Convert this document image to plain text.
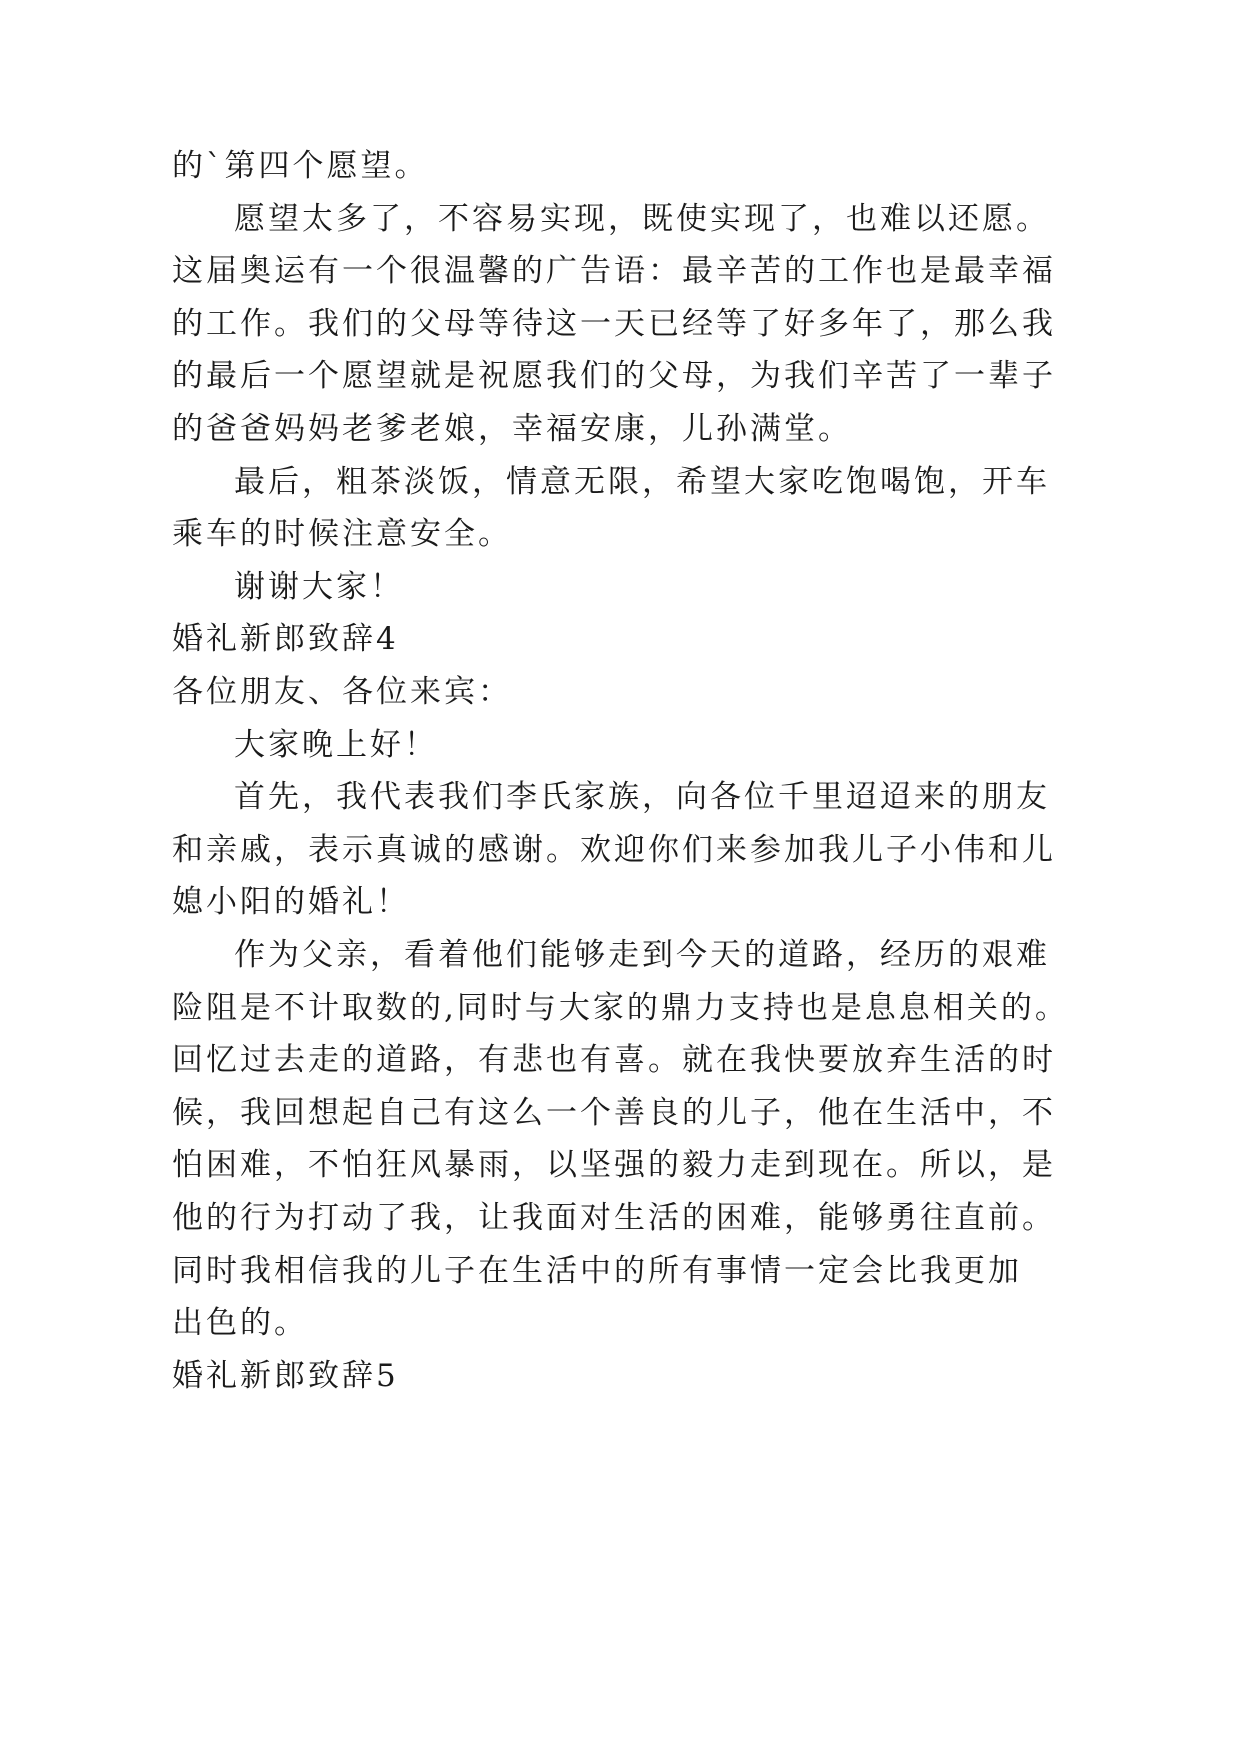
的`第四个愿望。
愿望太多了，不容易实现，既使实现了，也难以还愿。
这届奥运有一个很温馨的广告语：最辛苦的工作也是最幸福
的工作。我们的父母等待这一天已经等了好多年了，那么我
的最后一个愿望就是祝愿我们的父母，为我们辛苦了一辈子
的爸爸妈妈老爹老娘，幸福安康，儿孙满堂。
最后，粗茶淡饭，情意无限，希望大家吃饱喝饱，开车
乘车的时候注意安全。
谢谢大家！
婚礼新郎致辞4
各位朋友、各位来宾：
大家晚上好！
首先，我代表我们李氏家族，向各位千里迢迢来的朋友
和亲戚，表示真诚的感谢。欢迎你们来参加我儿子小伟和儿
媳小阳的婚礼！
作为父亲，看着他们能够走到今天的道路，经历的艰难
险阻是不计取数的,同时与大家的鼎力支持也是息息相关的。
回忆过去走的道路，有悲也有喜。就在我快要放弃生活的时
候，我回想起自己有这么一个善良的儿子，他在生活中，不
怕困难，不怕狂风暴雨，以坚强的毅力走到现在。所以，是
他的行为打动了我，让我面对生活的困难，能够勇往直前。
同时我相信我的儿子在生活中的所有事情一定会比我更加
出色的。
婚礼新郎致辞5
